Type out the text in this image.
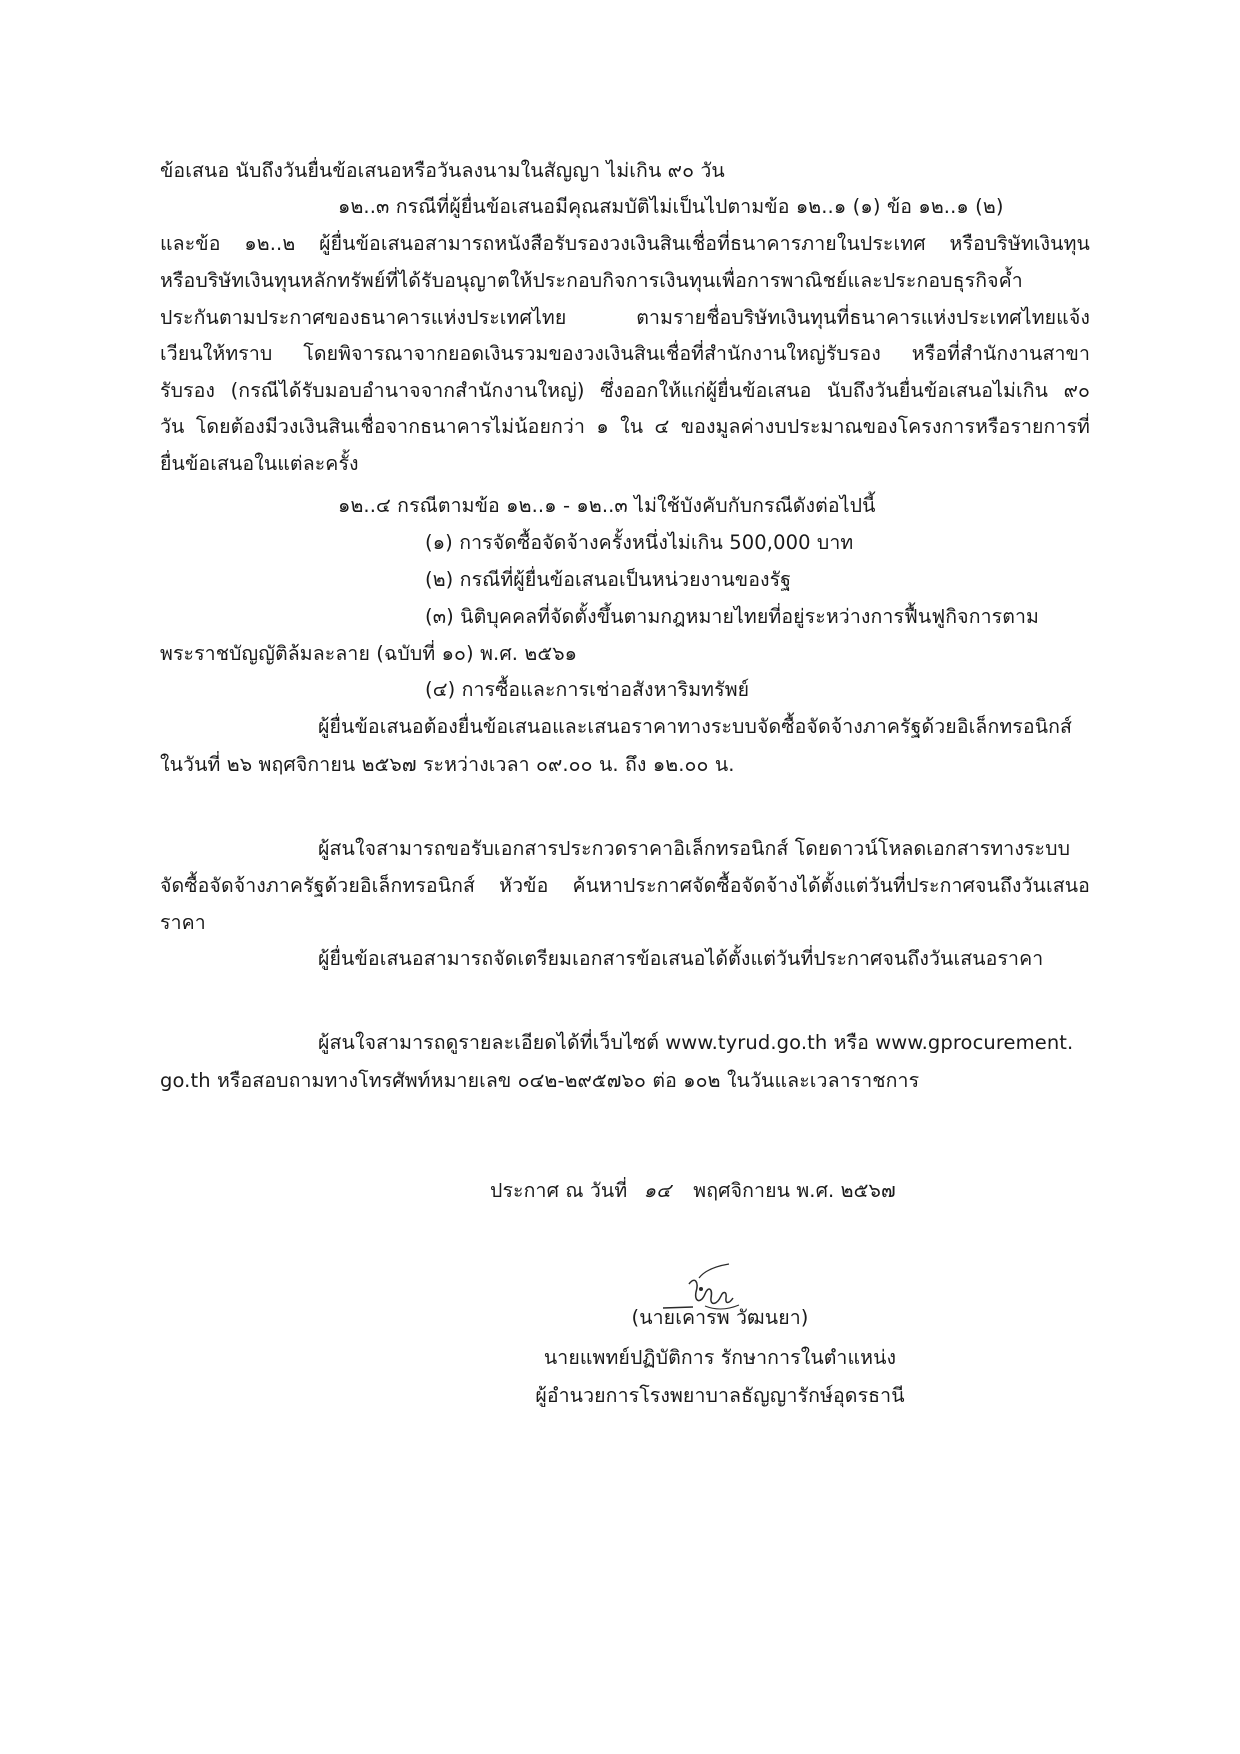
ข้อเสนอ นับถึงวันยื่นข้อเสนอหรือวันลงนามในสัญญา ไม่เกิน ๙๐ วัน
๑๒..๓ กรณีที่ผู้ยื่นข้อเสนอมีคุณสมบัติไม่เป็นไปตามข้อ ๑๒..๑ (๑) ข้อ ๑๒..๑ (๒)
และข้อ ๑๒..๒ ผู้ยื่นข้อเสนอสามารถหนังสือรับรองวงเงินสินเชื่อที่ธนาคารภายในประเทศ หรือบริษัทเงินทุน
หรือบริษัทเงินทุนหลักทรัพย์ที่ได้รับอนุญาตให้ประกอบกิจการเงินทุนเพื่อการพาณิชย์และประกอบธุรกิจค้ำ
ประกันตามประกาศของธนาคารแห่งประเทศไทย ตามรายชื่อบริษัทเงินทุนที่ธนาคารแห่งประเทศไทยแจ้ง
เวียนให้ทราบ โดยพิจารณาจากยอดเงินรวมของวงเงินสินเชื่อที่สำนักงานใหญ่รับรอง หรือที่สำนักงานสาขา
รับรอง (กรณีได้รับมอบอำนาจจากสำนักงานใหญ่) ซึ่งออกให้แก่ผู้ยื่นข้อเสนอ นับถึงวันยื่นข้อเสนอไม่เกิน ๙๐
วัน โดยต้องมีวงเงินสินเชื่อจากธนาคารไม่น้อยกว่า ๑ ใน ๔ ของมูลค่างบประมาณของโครงการหรือรายการที่
ยื่นข้อเสนอในแต่ละครั้ง
๑๒..๔ กรณีตามข้อ ๑๒..๑ - ๑๒..๓ ไม่ใช้บังคับกับกรณีดังต่อไปนี้
(๑) การจัดซื้อจัดจ้างครั้งหนึ่งไม่เกิน 500,000 บาท
(๒) กรณีที่ผู้ยื่นข้อเสนอเป็นหน่วยงานของรัฐ
(๓) นิติบุคคลที่จัดตั้งขึ้นตามกฎหมายไทยที่อยู่ระหว่างการฟื้นฟูกิจการตาม
พระราชบัญญัติล้มละลาย (ฉบับที่ ๑๐) พ.ศ. ๒๕๖๑
(๔) การซื้อและการเช่าอสังหาริมทรัพย์
ผู้ยื่นข้อเสนอต้องยื่นข้อเสนอและเสนอราคาทางระบบจัดซื้อจัดจ้างภาครัฐด้วยอิเล็กทรอนิกส์
ในวันที่ ๒๖ พฤศจิกายน ๒๕๖๗ ระหว่างเวลา ๐๙.๐๐ น. ถึง ๑๒.๐๐ น.
ผู้สนใจสามารถขอรับเอกสารประกวดราคาอิเล็กทรอนิกส์ โดยดาวน์โหลดเอกสารทางระบบ
จัดซื้อจัดจ้างภาครัฐด้วยอิเล็กทรอนิกส์ หัวข้อ ค้นหาประกาศจัดซื้อจัดจ้างได้ตั้งแต่วันที่ประกาศจนถึงวันเสนอ
ราคา
ผู้ยื่นข้อเสนอสามารถจัดเตรียมเอกสารข้อเสนอได้ตั้งแต่วันที่ประกาศจนถึงวันเสนอราคา
ผู้สนใจสามารถดูรายละเอียดได้ที่เว็บไซต์ www.tyrud.go.th หรือ www.gprocurement.
go.th หรือสอบถามทางโทรศัพท์หมายเลข ๐๔๒-๒๙๕๗๖๐ ต่อ ๑๐๒ ในวันและเวลาราชการ
ประกาศ ณ วันที่ ๑๔ พฤศจิกายน พ.ศ. ๒๕๖๗
(นายเคารพ วัฒนยา)
นายแพทย์ปฏิบัติการ รักษาการในตำแหน่ง
ผู้อำนวยการโรงพยาบาลธัญญารักษ์อุดรธานี
